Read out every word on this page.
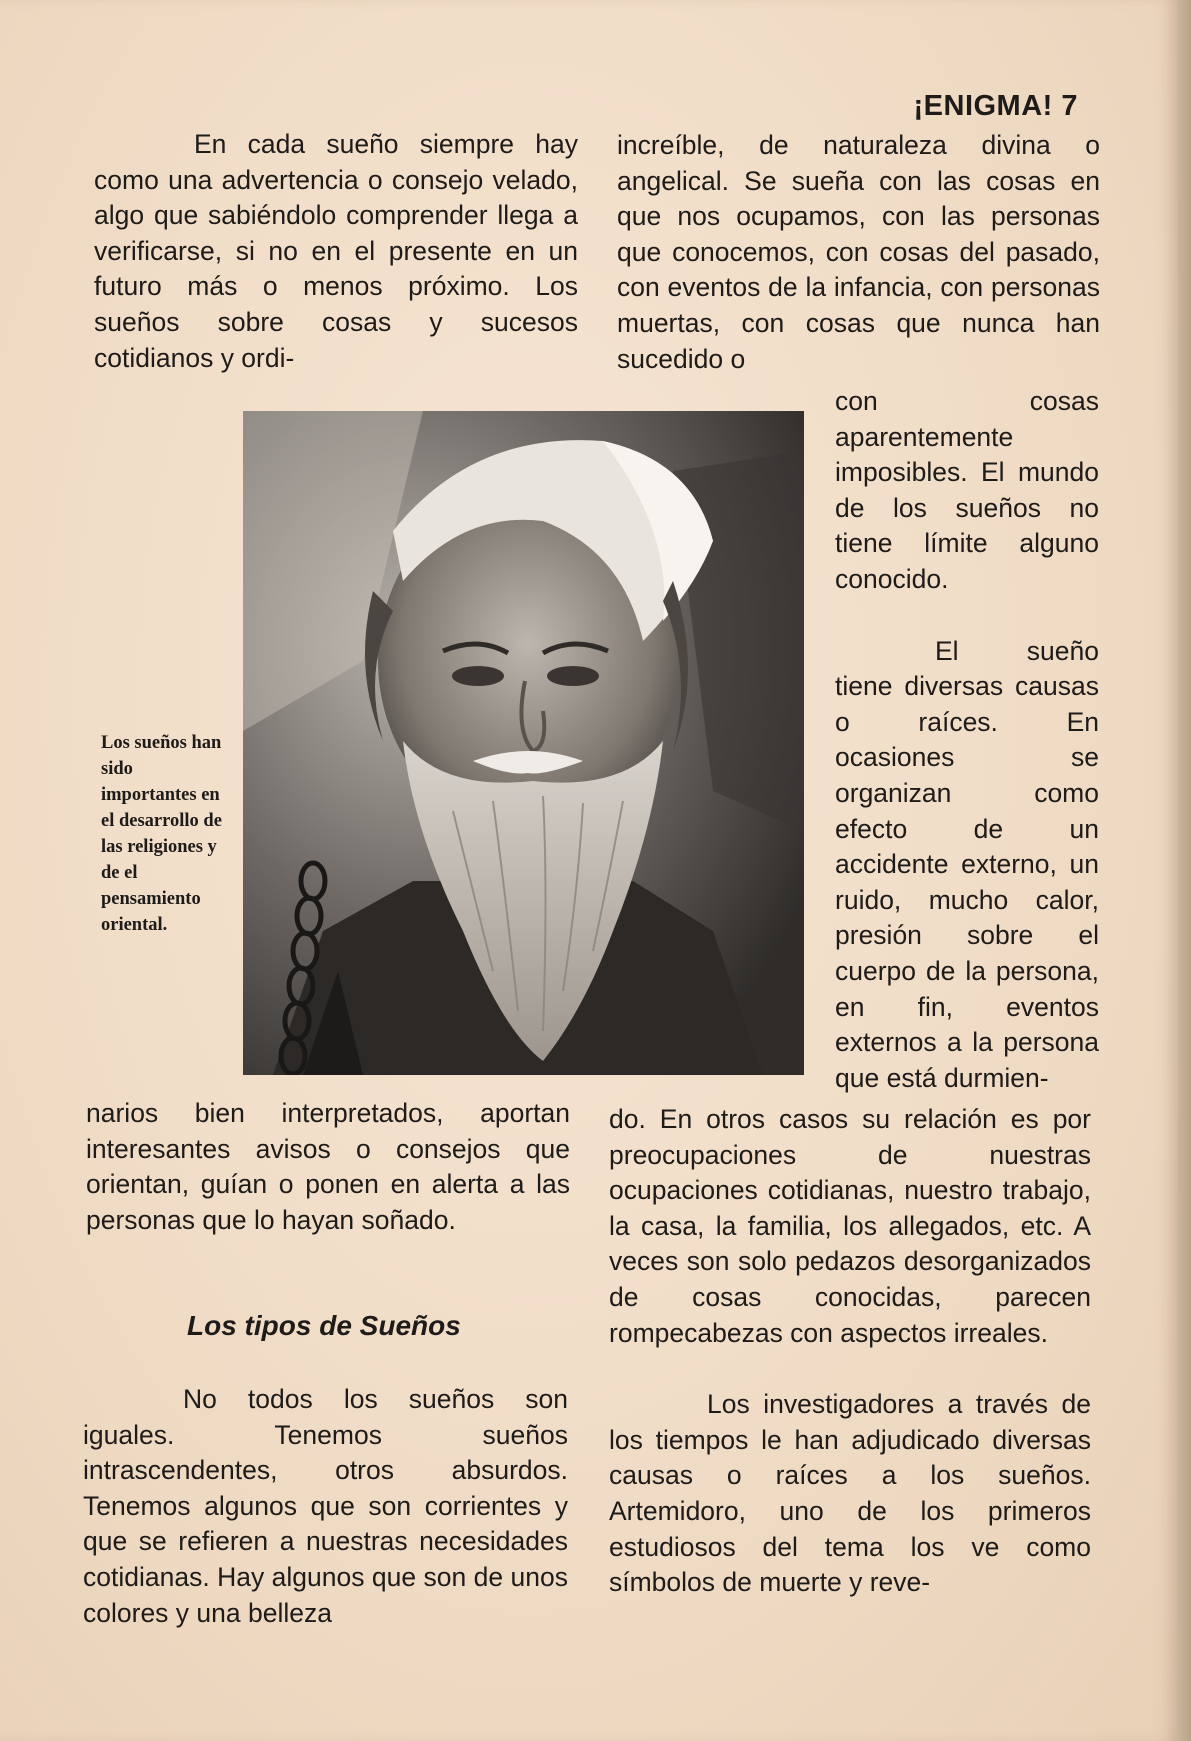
¡ENIGMA! 7

En cada sueño siempre hay como una advertencia o consejo velado, algo que sabiéndolo comprender llega a verificarse, si no en el presente en un futuro más o menos próximo. Los sueños sobre cosas y sucesos cotidianos y ordi-

Los sueños han sido importantes en el desarrollo de las religiones y de el pensamiento oriental.

narios bien interpretados, aportan interesantes avisos o consejos que orientan, guían o ponen en alerta a las personas que lo hayan soñado.

Los tipos de Sueños

No todos los sueños son iguales. Tenemos sueños intrascendentes, otros absurdos. Tenemos algunos que son corrientes y que se refieren a nuestras necesidades cotidianas. Hay algunos que son de unos colores y una belleza

increíble, de naturaleza divina o angelical. Se sueña con las cosas en que nos ocupamos, con las personas que conocemos, con cosas del pasado, con eventos de la infancia, con personas muertas, con cosas que nunca han sucedido o

con cosas aparentemente imposibles. El mundo de los sueños no tiene límite alguno conocido.

El sueño tiene diversas causas o raíces. En ocasiones se organizan como efecto de un accidente externo, un ruido, mucho calor, presión sobre el cuerpo de la persona, en fin, eventos externos a la persona que está durmien-

do. En otros casos su relación es por preocupaciones de nuestras ocupaciones cotidianas, nuestro trabajo, la casa, la familia, los allegados, etc. A veces son solo pedazos desorganizados de cosas conocidas, parecen rompecabezas con aspectos irreales.

Los investigadores a través de los tiempos le han adjudicado diversas causas o raíces a los sueños. Artemidoro, uno de los primeros estudiosos del tema los ve como símbolos de muerte y reve-
